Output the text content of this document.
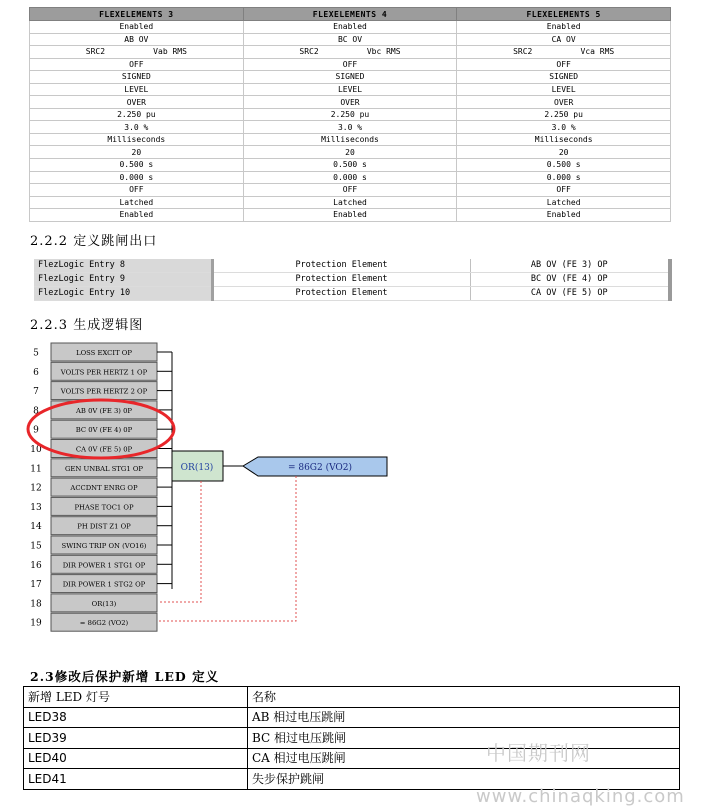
FLEXELEMENTS 3	FLEXELEMENTS 4	FLEXELEMENTS 5
Enabled	Enabled	Enabled
AB OV	BC OV	CA OV
SRC2          Vab RMS	SRC2          Vbc RMS	SRC2          Vca RMS
OFF	OFF	OFF
SIGNED	SIGNED	SIGNED
LEVEL	LEVEL	LEVEL
OVER	OVER	OVER
2.250 pu	2.250 pu	2.250 pu
3.0 %	3.0 %	3.0 %
Milliseconds	Milliseconds	Milliseconds
20	20	20
0.500 s	0.500 s	0.500 s
0.000 s	0.000 s	0.000 s
OFF	OFF	OFF
Latched	Latched	Latched
Enabled	Enabled	Enabled
2.2.2 定义跳闸出口
FlezLogic Entry 8	Protection Element	AB OV (FE 3) OP
FlezLogic Entry 9	Protection Element	BC OV (FE 4) OP
FlezLogic Entry 10	Protection Element	CA OV (FE 5) OP
2.2.3 生成逻辑图
5	LOSS EXCIT OP
6	VOLTS PER HERTZ 1 OP
7	VOLTS PER HERTZ 2 OP
8	AB 0V (FE 3) 0P
9	BC 0V (FE 4) 0P
10	CA 0V (FE 5) 0P
11	GEN UNBAL STG1 OP
12	ACCDNT ENRG OP
13	PHASE TOC1 OP
14	PH DIST Z1 OP
15	SWING TRIP ON (VO16)
16	DIR POWER 1 STG1 OP
17	DIR POWER 1 STG2 OP
18	OR(13)
19	= 86G2 (VO2)
OR(13)	= 86G2 (VO2)
2.3修改后保护新增 LED 定义
新增 LED 灯号	名称
LED38	AB 相过电压跳闸
LED39	BC 相过电压跳闸
LED40	CA 相过电压跳闸
LED41	失步保护跳闸
中国期刊网
www.chinaqking.com
